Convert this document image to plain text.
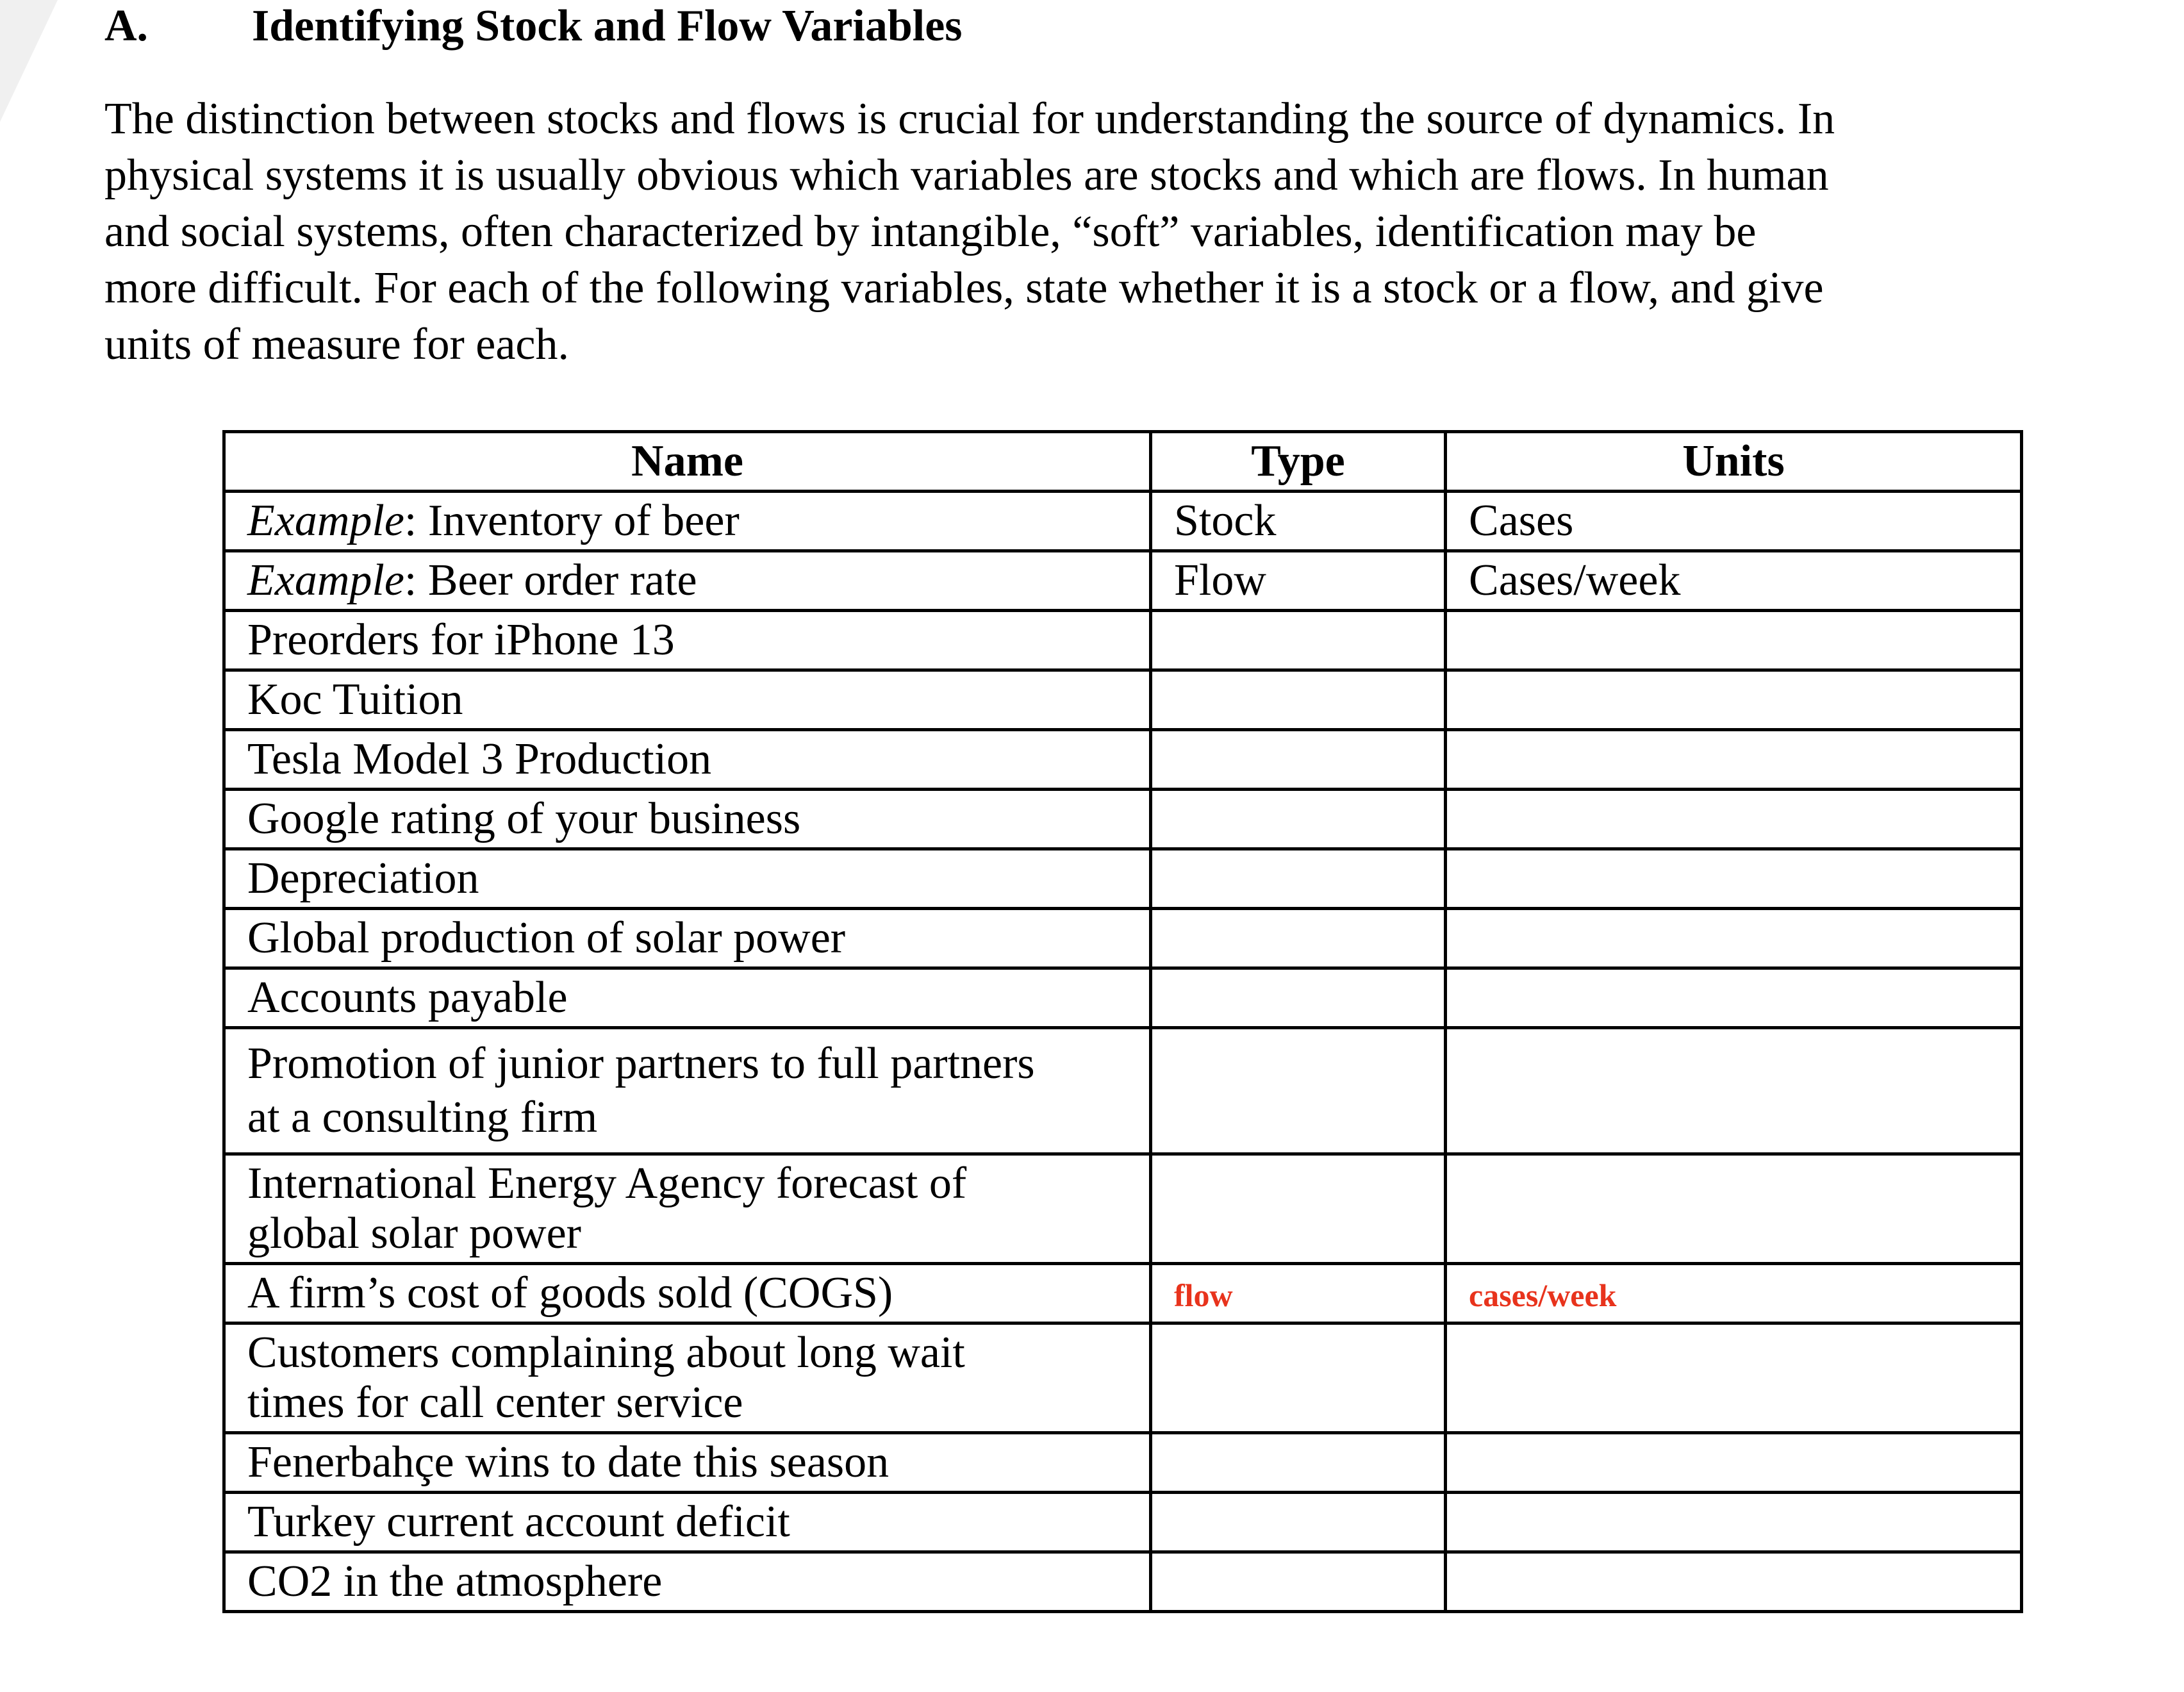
A. Identifying Stock and Flow Variables
The distinction between stocks and flows is crucial for understanding the source of dynamics. In
physical systems it is usually obvious which variables are stocks and which are flows. In human
and social systems, often characterized by intangible, “soft” variables, identification may be
more difficult. For each of the following variables, state whether it is a stock or a flow, and give
units of measure for each.
Name	Type	Units
Example: Inventory of beer	Stock	Cases
Example: Beer order rate	Flow	Cases/week
Preorders for iPhone 13		
Koc Tuition		
Tesla Model 3 Production		
Google rating of your business		
Depreciation		
Global production of solar power		
Accounts payable		

Promotion of junior partners to full partners
at a consulting firm		

International Energy Agency forecast of
global solar power		

A firm’s cost of goods sold (COGS)	flow	cases/week

Customers complaining about long wait
times for call center service		

Fenerbahçe wins to date this season		
Turkey current account deficit		
CO2 in the atmosphere		
